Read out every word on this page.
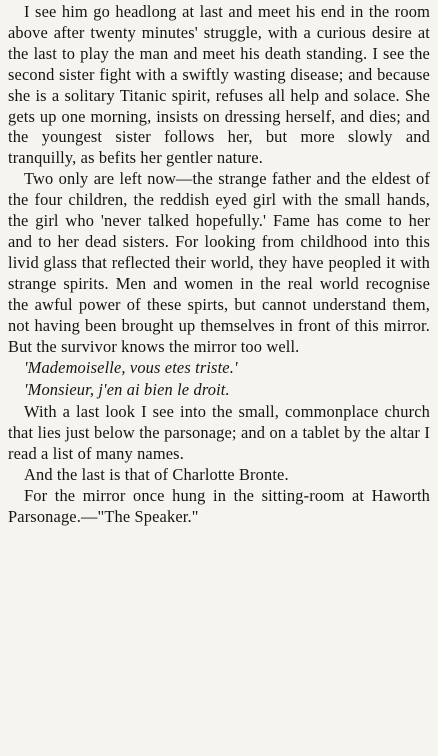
I see him go headlong at last and meet his end in the room above after twenty minutes' struggle, with a curious desire at the last to play the man and meet his death standing. I see the second sister fight with a swiftly wasting disease; and because she is a solitary Titanic spirit, refuses all help and solace. She gets up one morning, insists on dressing herself, and dies; and the youngest sister follows her, but more slowly and tranquilly, as befits her gentler nature.

Two only are left now—the strange father and the eldest of the four children, the reddish eyed girl with the small hands, the girl who 'never talked hopefully.' Fame has come to her and to her dead sisters. For looking from childhood into this livid glass that reflected their world, they have peopled it with strange spirits. Men and women in the real world recognise the awful power of these spirts, but cannot understand them, not having been brought up themselves in front of this mirror. But the survivor knows the mirror too well.

'Mademoiselle, vous etes triste.'

'Monsieur, j'en ai bien le droit.

With a last look I see into the small, commonplace church that lies just below the parsonage; and on a tablet by the altar I read a list of many names.

And the last is that of Charlotte Bronte.

For the mirror once hung in the sitting-room at Haworth Parsonage.—"The Speaker."
